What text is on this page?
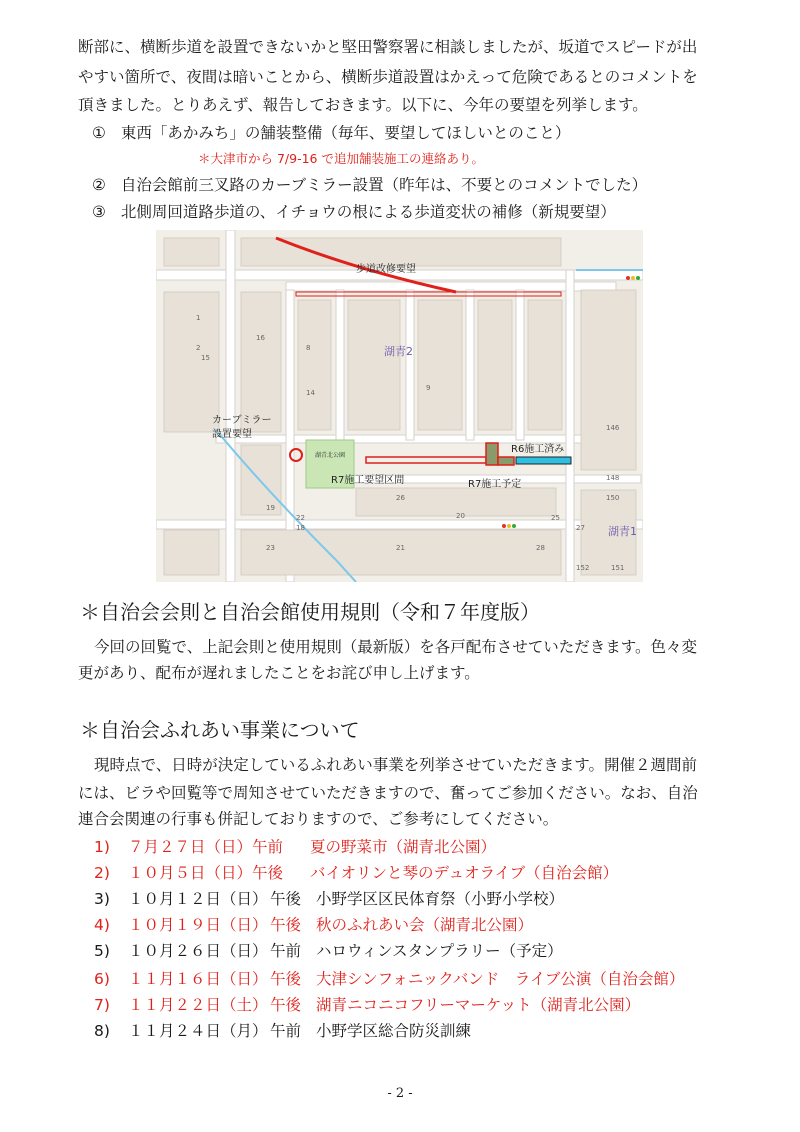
断部に、横断歩道を設置できないかと堅田警察署に相談しましたが、坂道でスピードが出
やすい箇所で、夜間は暗いことから、横断歩道設置はかえって危険であるとのコメントを
頂きました。とりあえず、報告しておきます。以下に、今年の要望を列挙します。
① 東西「あかみち」の舗装整備（毎年、要望してほしいとのこと）
＊大津市から 7/9-16 で追加舗装施工の連絡あり。
② 自治会館前三叉路のカーブミラー設置（昨年は、不要とのコメントでした）
③ 北側周回道路歩道の、イチョウの根による歩道変状の補修（新規要望）
湖青北公園
歩道改修要望
R6施工済み
R7施工要望区間	R7施工予定
カーブミラー
設置要望
湖青2
湖青1
1
2	8
9
14
15
16
18
19
20
21
22
23
25
26
27
28
146
148
150
151
152
＊自治会会則と自治会館使用規則（令和７年度版）
今回の回覧で、上記会則と使用規則（最新版）を各戸配布させていただきます。色々変
更があり、配布が遅れましたことをお詫び申し上げます。
＊自治会ふれあい事業について
現時点で、日時が決定しているふれあい事業を列挙させていただきます。開催２週間前
には、ビラや回覧等で周知させていただきますので、奮ってご参加ください。なお、自治
連合会関連の行事も併記しておりますので、ご参考にしてください。
1) ７月２７日（日）午前 夏の野菜市（湖青北公園）
2) １０月５日（日）午後 バイオリンと琴のデュオライブ（自治会館）
3) １０月１２日（日） 午後 小野学区区民体育祭（小野小学校）
4) １０月１９日（日） 午後 秋のふれあい会（湖青北公園）
5) １０月２６日（日） 午前 ハロウィンスタンプラリー（予定）
6) １１月１６日（日） 午後 大津シンフォニックバンド　ライブ公演（自治会館）
7) １１月２２日（土） 午後 湖青ニコニコフリーマーケット（湖青北公園）
8) １１月２４日（月） 午前 小野学区総合防災訓練
- 2 -
